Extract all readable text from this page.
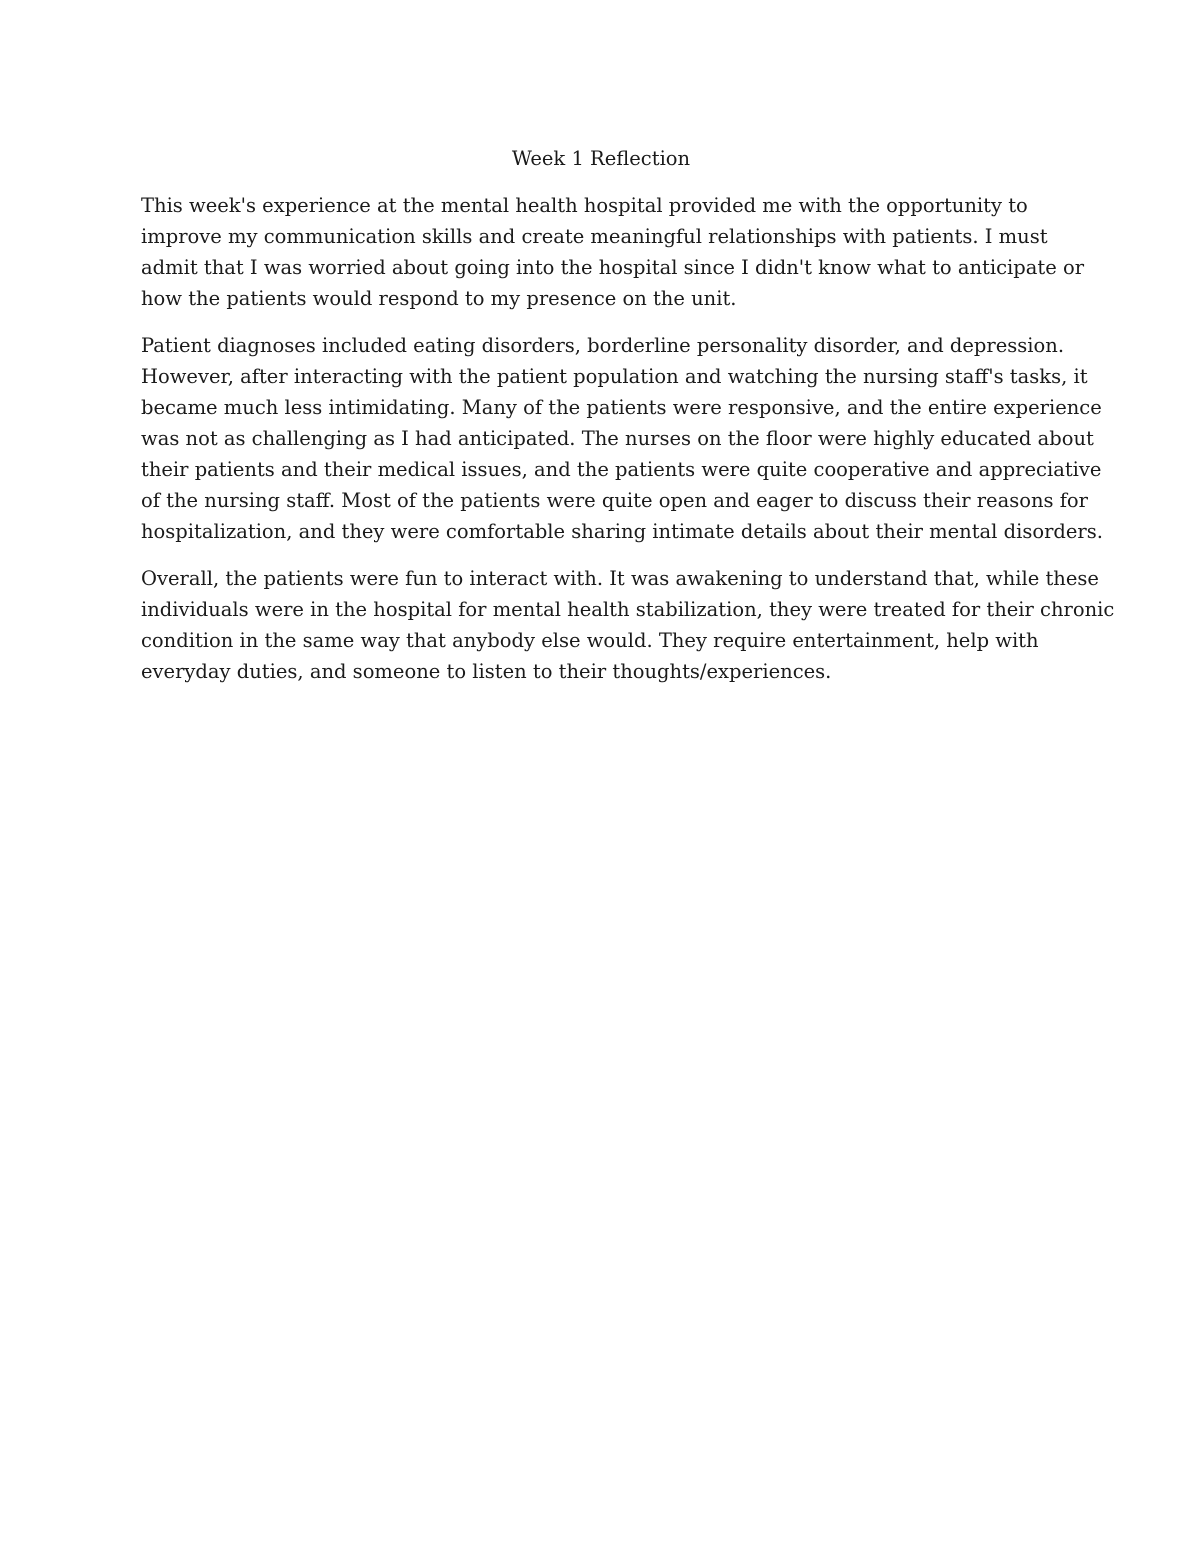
Week 1 Reflection

This week's experience at the mental health hospital provided me with the opportunity to
improve my communication skills and create meaningful relationships with patients. I must
admit that I was worried about going into the hospital since I didn't know what to anticipate or
how the patients would respond to my presence on the unit.

Patient diagnoses included eating disorders, borderline personality disorder, and depression.
However, after interacting with the patient population and watching the nursing staff's tasks, it
became much less intimidating. Many of the patients were responsive, and the entire experience
was not as challenging as I had anticipated. The nurses on the floor were highly educated about
their patients and their medical issues, and the patients were quite cooperative and appreciative
of the nursing staff. Most of the patients were quite open and eager to discuss their reasons for
hospitalization, and they were comfortable sharing intimate details about their mental disorders.

Overall, the patients were fun to interact with. It was awakening to understand that, while these
individuals were in the hospital for mental health stabilization, they were treated for their chronic
condition in the same way that anybody else would. They require entertainment, help with
everyday duties, and someone to listen to their thoughts/experiences.
